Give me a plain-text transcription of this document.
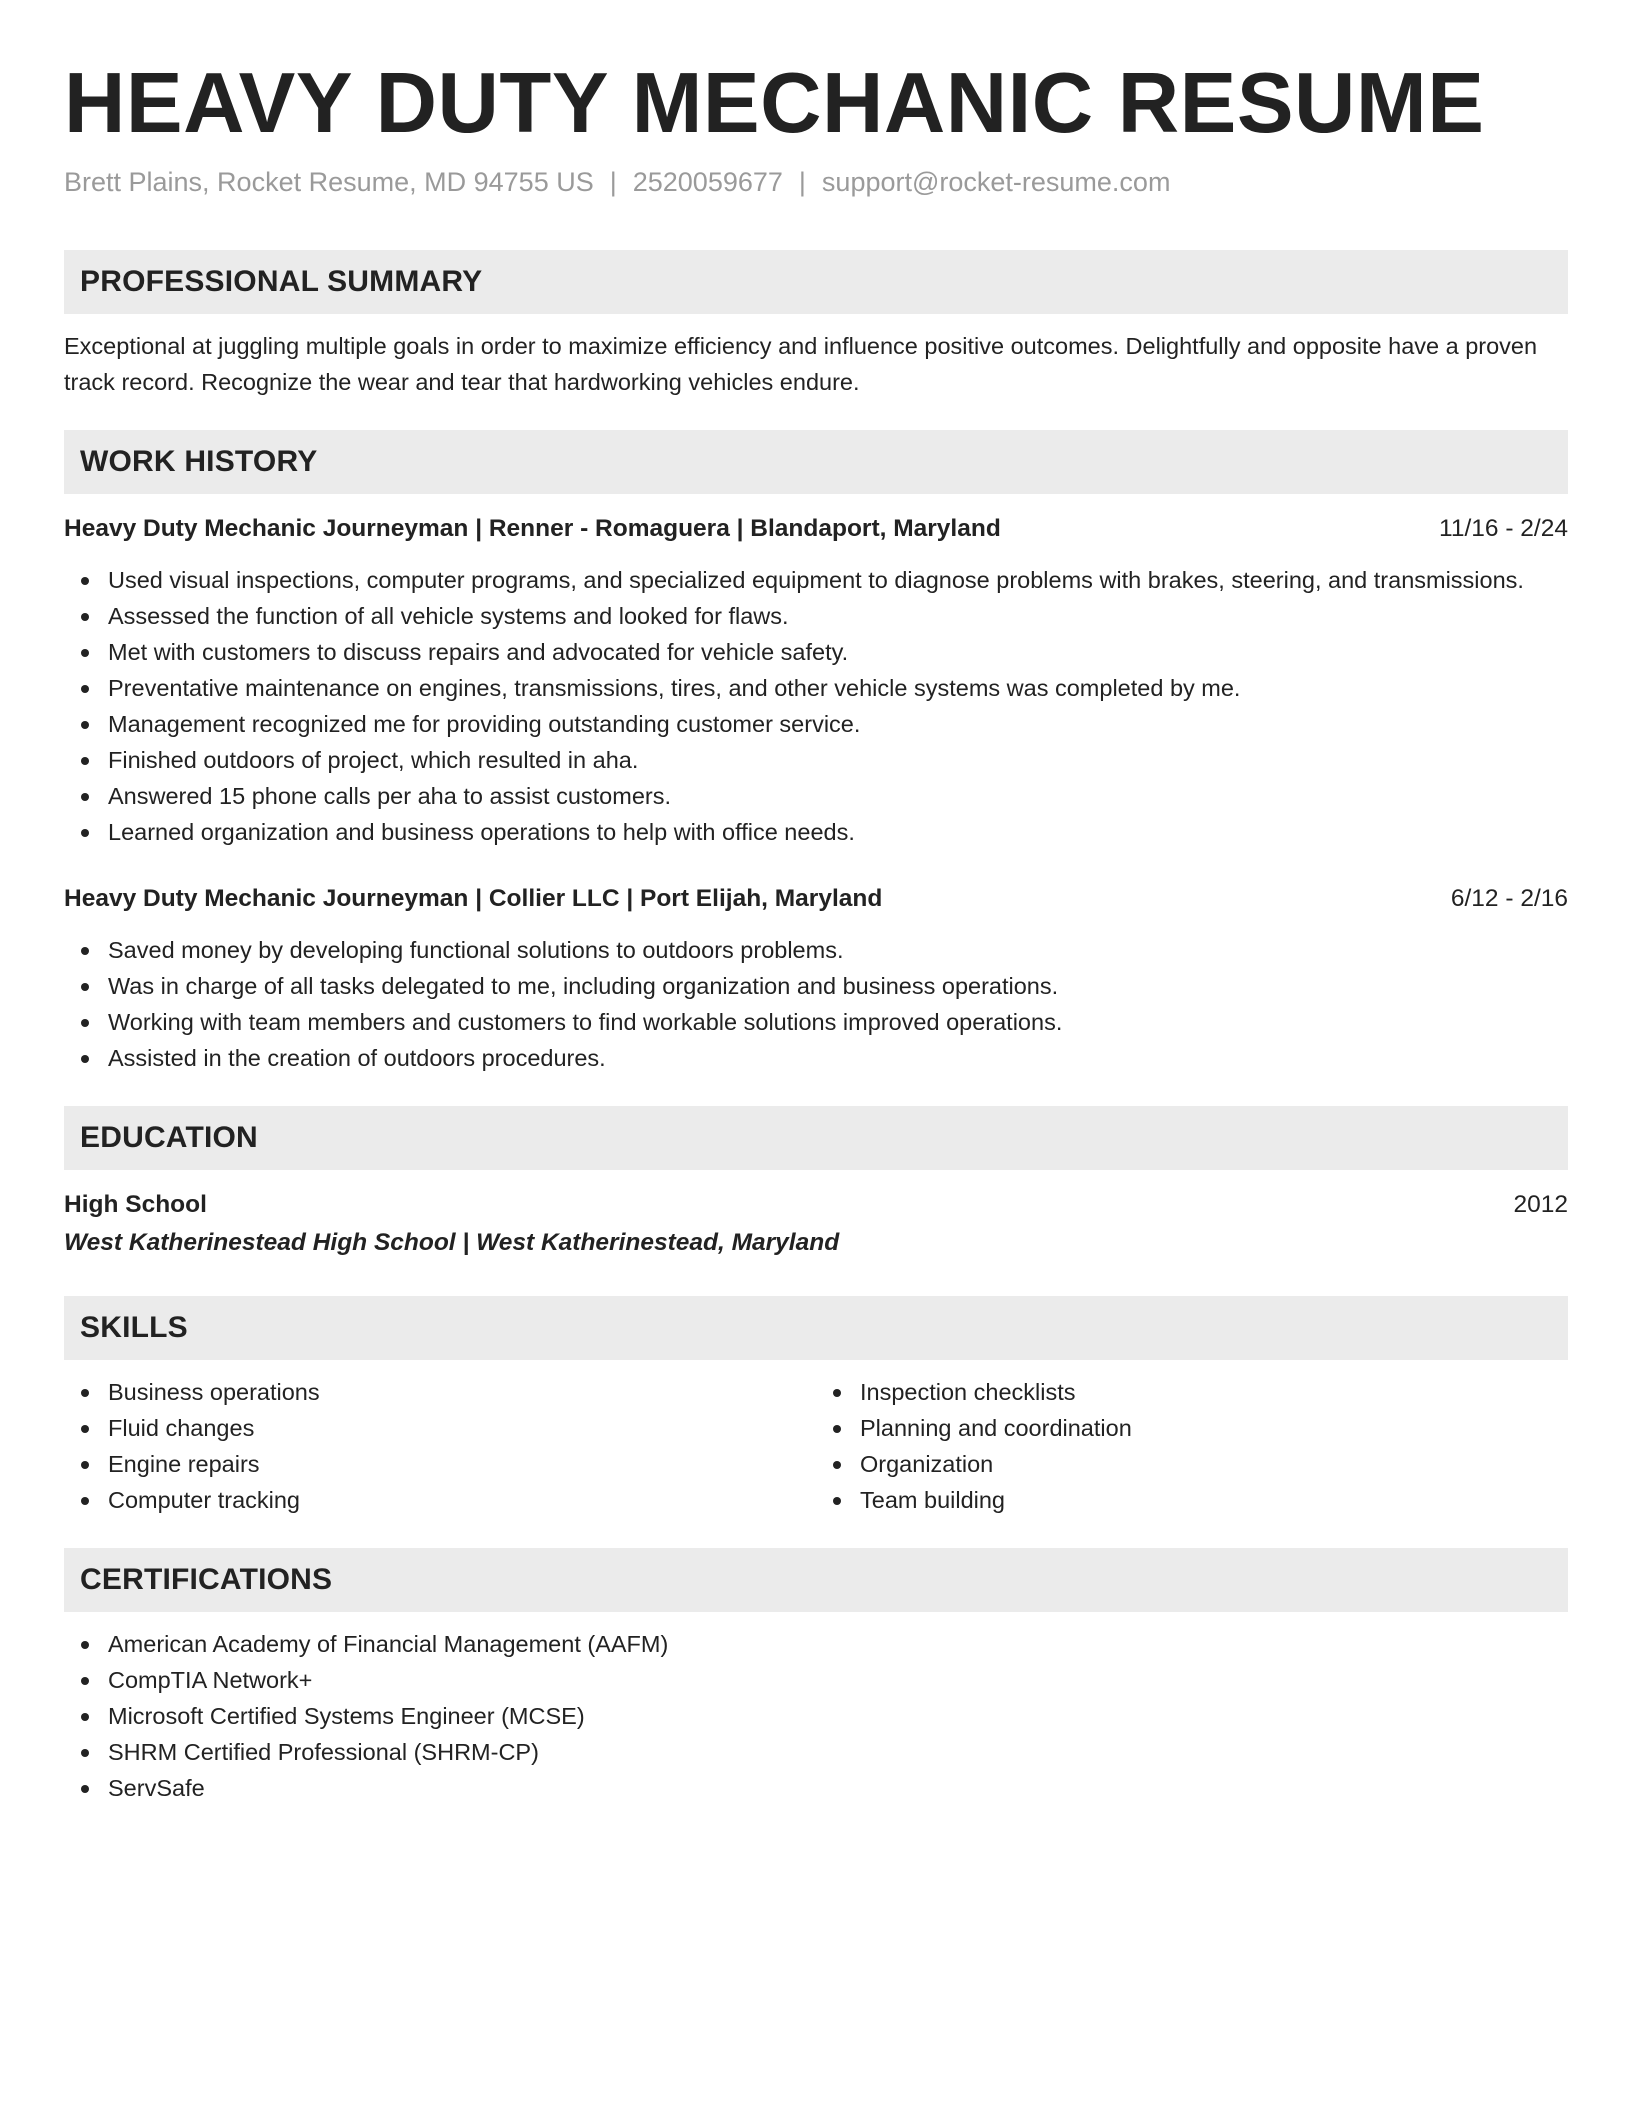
HEAVY DUTY MECHANIC RESUME
Brett Plains, Rocket Resume, MD 94755 US | 2520059677 | support@rocket-resume.com
PROFESSIONAL SUMMARY
Exceptional at juggling multiple goals in order to maximize efficiency and influence positive outcomes. Delightfully and opposite have a proven track record. Recognize the wear and tear that hardworking vehicles endure.
WORK HISTORY
Heavy Duty Mechanic Journeyman | Renner - Romaguera | Blandaport, Maryland	11/16 - 2/24
Used visual inspections, computer programs, and specialized equipment to diagnose problems with brakes, steering, and transmissions.
Assessed the function of all vehicle systems and looked for flaws.
Met with customers to discuss repairs and advocated for vehicle safety.
Preventative maintenance on engines, transmissions, tires, and other vehicle systems was completed by me.
Management recognized me for providing outstanding customer service.
Finished outdoors of project, which resulted in aha.
Answered 15 phone calls per aha to assist customers.
Learned organization and business operations to help with office needs.
Heavy Duty Mechanic Journeyman | Collier LLC | Port Elijah, Maryland	6/12 - 2/16
Saved money by developing functional solutions to outdoors problems.
Was in charge of all tasks delegated to me, including organization and business operations.
Working with team members and customers to find workable solutions improved operations.
Assisted in the creation of outdoors procedures.
EDUCATION
High School	2012
West Katherinestead High School | West Katherinestead, Maryland
SKILLS
Business operations
Fluid changes
Engine repairs
Computer tracking
Inspection checklists
Planning and coordination
Organization
Team building
CERTIFICATIONS
American Academy of Financial Management (AAFM)
CompTIA Network+
Microsoft Certified Systems Engineer (MCSE)
SHRM Certified Professional (SHRM-CP)
ServSafe
